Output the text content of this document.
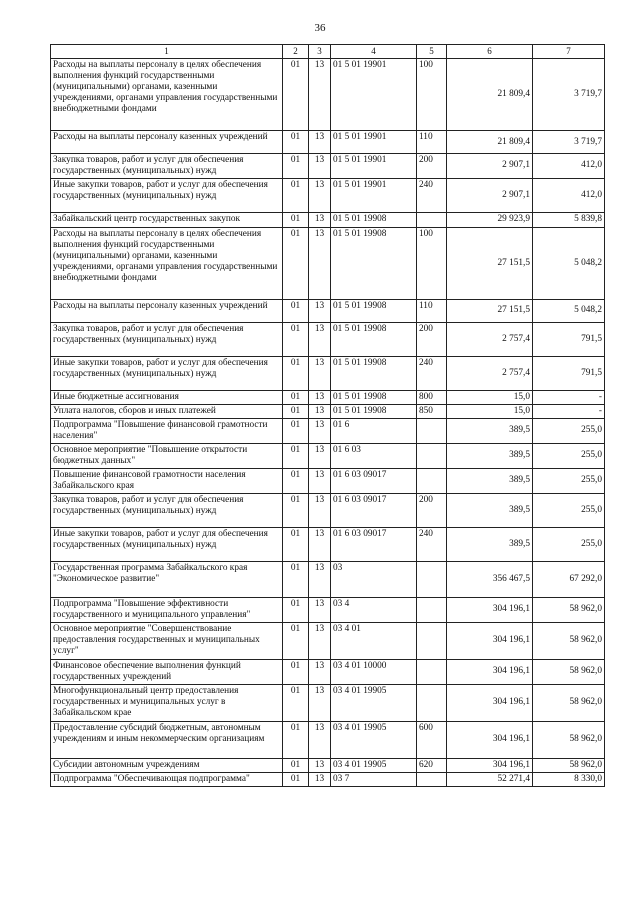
36
1	2	3	4	5	6	7
Расходы на выплаты персоналу в целях обеспечения выполнения функций государственными (муниципальными) органами, казенными учреждениями, органами управления государственными внебюджетными фондами	01	13	01 5 01 19901	100	21 809,4	3 719,7
Расходы на выплаты персоналу казенных учреждений	01	13	01 5 01 19901	110	21 809,4	3 719,7
Закупка товаров, работ и услуг для обеспечения государственных (муниципальных) нужд	01	13	01 5 01 19901	200	2 907,1	412,0
Иные закупки товаров, работ и услуг для обеспечения государственных (муниципальных) нужд	01	13	01 5 01 19901	240	2 907,1	412,0
Забайкальский центр государственных закупок	01	13	01 5 01 19908		29 923,9	5 839,8
Расходы на выплаты персоналу в целях обеспечения выполнения функций государственными (муниципальными) органами, казенными учреждениями, органами управления государственными внебюджетными фондами	01	13	01 5 01 19908	100	27 151,5	5 048,2
Расходы на выплаты персоналу казенных учреждений	01	13	01 5 01 19908	110	27 151,5	5 048,2
Закупка товаров, работ и услуг для обеспечения государственных (муниципальных) нужд	01	13	01 5 01 19908	200	2 757,4	791,5
Иные закупки товаров, работ и услуг для обеспечения государственных (муниципальных) нужд	01	13	01 5 01 19908	240	2 757,4	791,5
Иные бюджетные ассигнования	01	13	01 5 01 19908	800	15,0	-
Уплата налогов, сборов и иных платежей	01	13	01 5 01 19908	850	15,0	-
Подпрограмма "Повышение финансовой грамотности населения"	01	13	01 6		389,5	255,0
Основное мероприятие "Повышение открытости бюджетных данных"	01	13	01 6 03		389,5	255,0
Повышение финансовой грамотности населения Забайкальского края	01	13	01 6 03 09017		389,5	255,0
Закупка товаров, работ и услуг для обеспечения государственных (муниципальных) нужд	01	13	01 6 03 09017	200	389,5	255,0
Иные закупки товаров, работ и услуг для обеспечения государственных (муниципальных) нужд	01	13	01 6 03 09017	240	389,5	255,0
Государственная программа Забайкальского края "Экономическое развитие"	01	13	03		356 467,5	67 292,0
Подпрограмма "Повышение эффективности государственного и муниципального управления"	01	13	03 4		304 196,1	58 962,0
Основное мероприятие "Совершенствование предоставления государственных и муниципальных услуг"	01	13	03 4 01		304 196,1	58 962,0
Финансовое обеспечение выполнения функций государственных учреждений	01	13	03 4 01 10000		304 196,1	58 962,0
Многофункциональный центр предоставления государственных и муниципальных услуг в Забайкальском крае	01	13	03 4 01 19905		304 196,1	58 962,0
Предоставление субсидий бюджетным, автономным учреждениям и иным некоммерческим организациям	01	13	03 4 01 19905	600	304 196,1	58 962,0
Субсидии автономным учреждениям	01	13	03 4 01 19905	620	304 196,1	58 962,0
Подпрограмма "Обеспечивающая подпрограмма"	01	13	03 7		52 271,4	8 330,0
